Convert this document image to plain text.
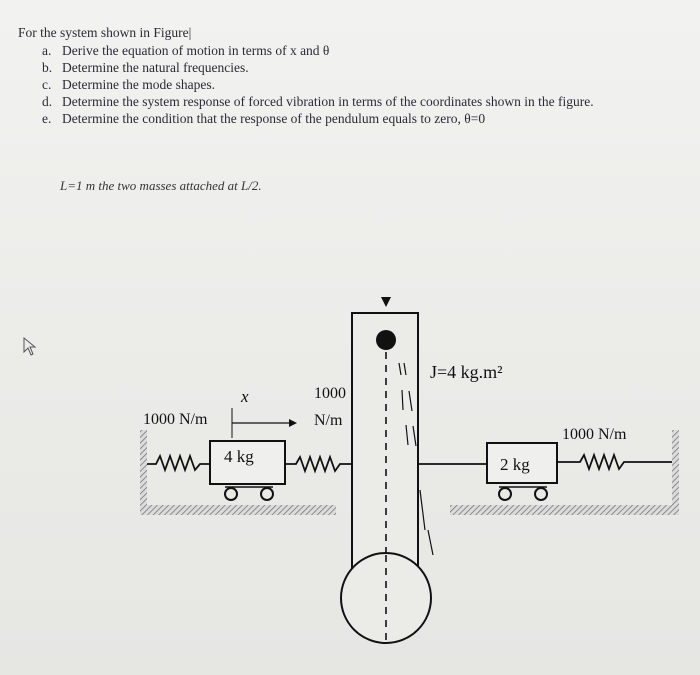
For the system shown in Figure|

a. Derive the equation of motion in terms of x and θ
b. Determine the natural frequencies.
c. Determine the mode shapes.
d. Determine the system response of forced vibration in terms of the coordinates shown in the figure.
e. Determine the condition that the response of the pendulum equals to zero, θ=0
L=1 m the two masses attached at L/2.
4 kg
1000 N/m
x	1000
N/m
J=4 kg.m²
2 kg
1000 N/m
